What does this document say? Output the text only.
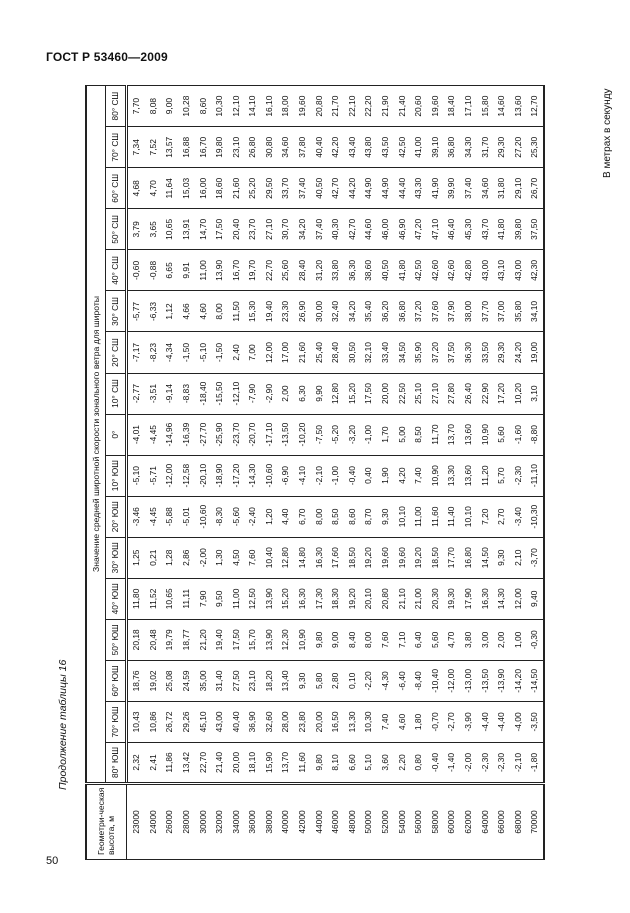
ГОСТ Р 53460—2009
Продолжение таблицы 16
В метрах в секунду
50
Геометри-ческая высота, м	Значение средней широтной скорости зонального ветра для широты																
	80° ЮШ	70° ЮШ	60° ЮШ	50° ЮШ	40° ЮШ	30° ЮШ	20° ЮШ	10° ЮШ	0°	10° СШ	20° СШ	30° СШ	40° СШ	50° СШ	60° СШ	70° СШ	80° СШ
23000	2,32	10,43	18,76	20,18	11,80	1,25	-3,46	-5,10	-4,01	-2,77	-7,17	-5,77	-0,60	3,79	4,68	7,34	7,70
24000	2,41	10,86	19,02	20,48	11,52	0,21	-4,45	-5,71	-4,45	-3,51	-8,23	-6,33	-0,88	3,65	4,70	7,52	8,08
26000	11,86	26,72	25,08	19,79	10,65	1,28	-5,88	-12,00	-14,96	-9,14	-4,34	1,12	6,65	10,65	11,64	13,57	9,00
28000	13,42	29,26	24,59	18,77	11,11	2,86	-5,01	-12,58	-16,39	-8,83	-1,50	4,66	9,91	13,91	15,03	16,88	10,28
30000	22,70	45,10	35,00	21,20	7,90	-2,00	-10,60	-20,10	-27,70	-18,40	-5,10	4,60	11,00	14,70	16,00	16,70	8,60
32000	21,40	43,00	31,40	19,40	9,50	1,30	-8,30	-18,90	-25,90	-15,50	-1,50	8,00	13,90	17,50	18,60	19,80	10,30
34000	20,00	40,40	27,50	17,50	11,00	4,50	-5,60	-17,20	-23,70	-12,10	2,40	11,50	16,70	20,40	21,60	23,10	12,10
36000	18,10	36,90	23,10	15,70	12,50	7,60	-2,40	-14,30	-20,70	-7,90	7,00	15,30	19,70	23,70	25,20	26,80	14,10
38000	15,90	32,60	18,20	13,90	13,90	10,40	1,20	-10,60	-17,10	-2,90	12,00	19,40	22,70	27,10	29,50	30,80	16,10
40000	13,70	28,00	13,40	12,30	15,20	12,80	4,40	-6,90	-13,50	2,00	17,00	23,30	25,60	30,70	33,70	34,60	18,00
42000	11,60	23,80	9,30	10,90	16,30	14,80	6,70	-4,10	-10,20	6,30	21,60	26,90	28,40	34,20	37,40	37,80	19,60
44000	9,80	20,00	5,80	9,80	17,30	16,30	8,00	-2,10	-7,50	9,90	25,40	30,00	31,20	37,40	40,50	40,40	20,80
46000	8,10	16,50	2,80	9,00	18,30	17,60	8,50	-1,00	-5,20	12,80	28,40	32,40	33,80	40,30	42,70	42,20	21,70
48000	6,60	13,30	0,10	8,40	19,20	18,50	8,60	-0,40	-3,20	15,20	30,50	34,20	36,30	42,70	44,20	43,40	22,10
50000	5,10	10,30	-2,20	8,00	20,10	19,20	8,70	0,40	-1,00	17,50	32,10	35,40	38,60	44,60	44,90	43,80	22,20
52000	3,60	7,40	-4,30	7,60	20,80	19,60	9,30	1,90	1,70	20,00	33,40	36,20	40,50	46,00	44,90	43,50	21,90
54000	2,20	4,60	-6,40	7,10	21,10	19,60	10,10	4,20	5,00	22,50	34,50	36,80	41,80	46,90	44,40	42,50	21,40
56000	0,80	1,80	-8,40	6,40	21,00	19,20	11,00	7,40	8,50	25,10	35,90	37,20	42,50	47,20	43,30	41,00	20,60
58000	-0,40	-0,70	-10,40	5,60	20,30	18,50	11,60	10,90	11,70	27,10	37,20	37,60	42,60	47,10	41,90	39,10	19,60
60000	-1,40	-2,70	-12,00	4,70	19,30	17,70	11,40	13,30	13,70	27,80	37,50	37,90	42,60	46,40	39,90	36,80	18,40
62000	-2,00	-3,90	-13,00	3,80	17,90	16,80	10,10	13,60	13,60	26,40	36,30	38,00	42,80	45,30	37,40	34,30	17,10
64000	-2,30	-4,40	-13,50	3,00	16,30	14,50	7,20	11,20	10,90	22,90	33,50	37,70	43,00	43,70	34,60	31,70	15,80
66000	-2,30	-4,40	-13,90	2,00	14,30	9,30	2,70	5,70	5,60	17,20	29,30	37,00	43,10	41,80	31,80	29,30	14,60
68000	-2,10	-4,00	-14,20	1,00	12,00	2,10	-3,40	-2,30	-1,60	10,20	24,20	35,80	43,00	39,80	29,10	27,20	13,60
70000	-1,80	-3,50	-14,50	-0,30	9,40	-3,70	-10,30	-11,10	-8,80	3,10	19,00	34,10	42,30	37,50	26,70	25,30	12,70
